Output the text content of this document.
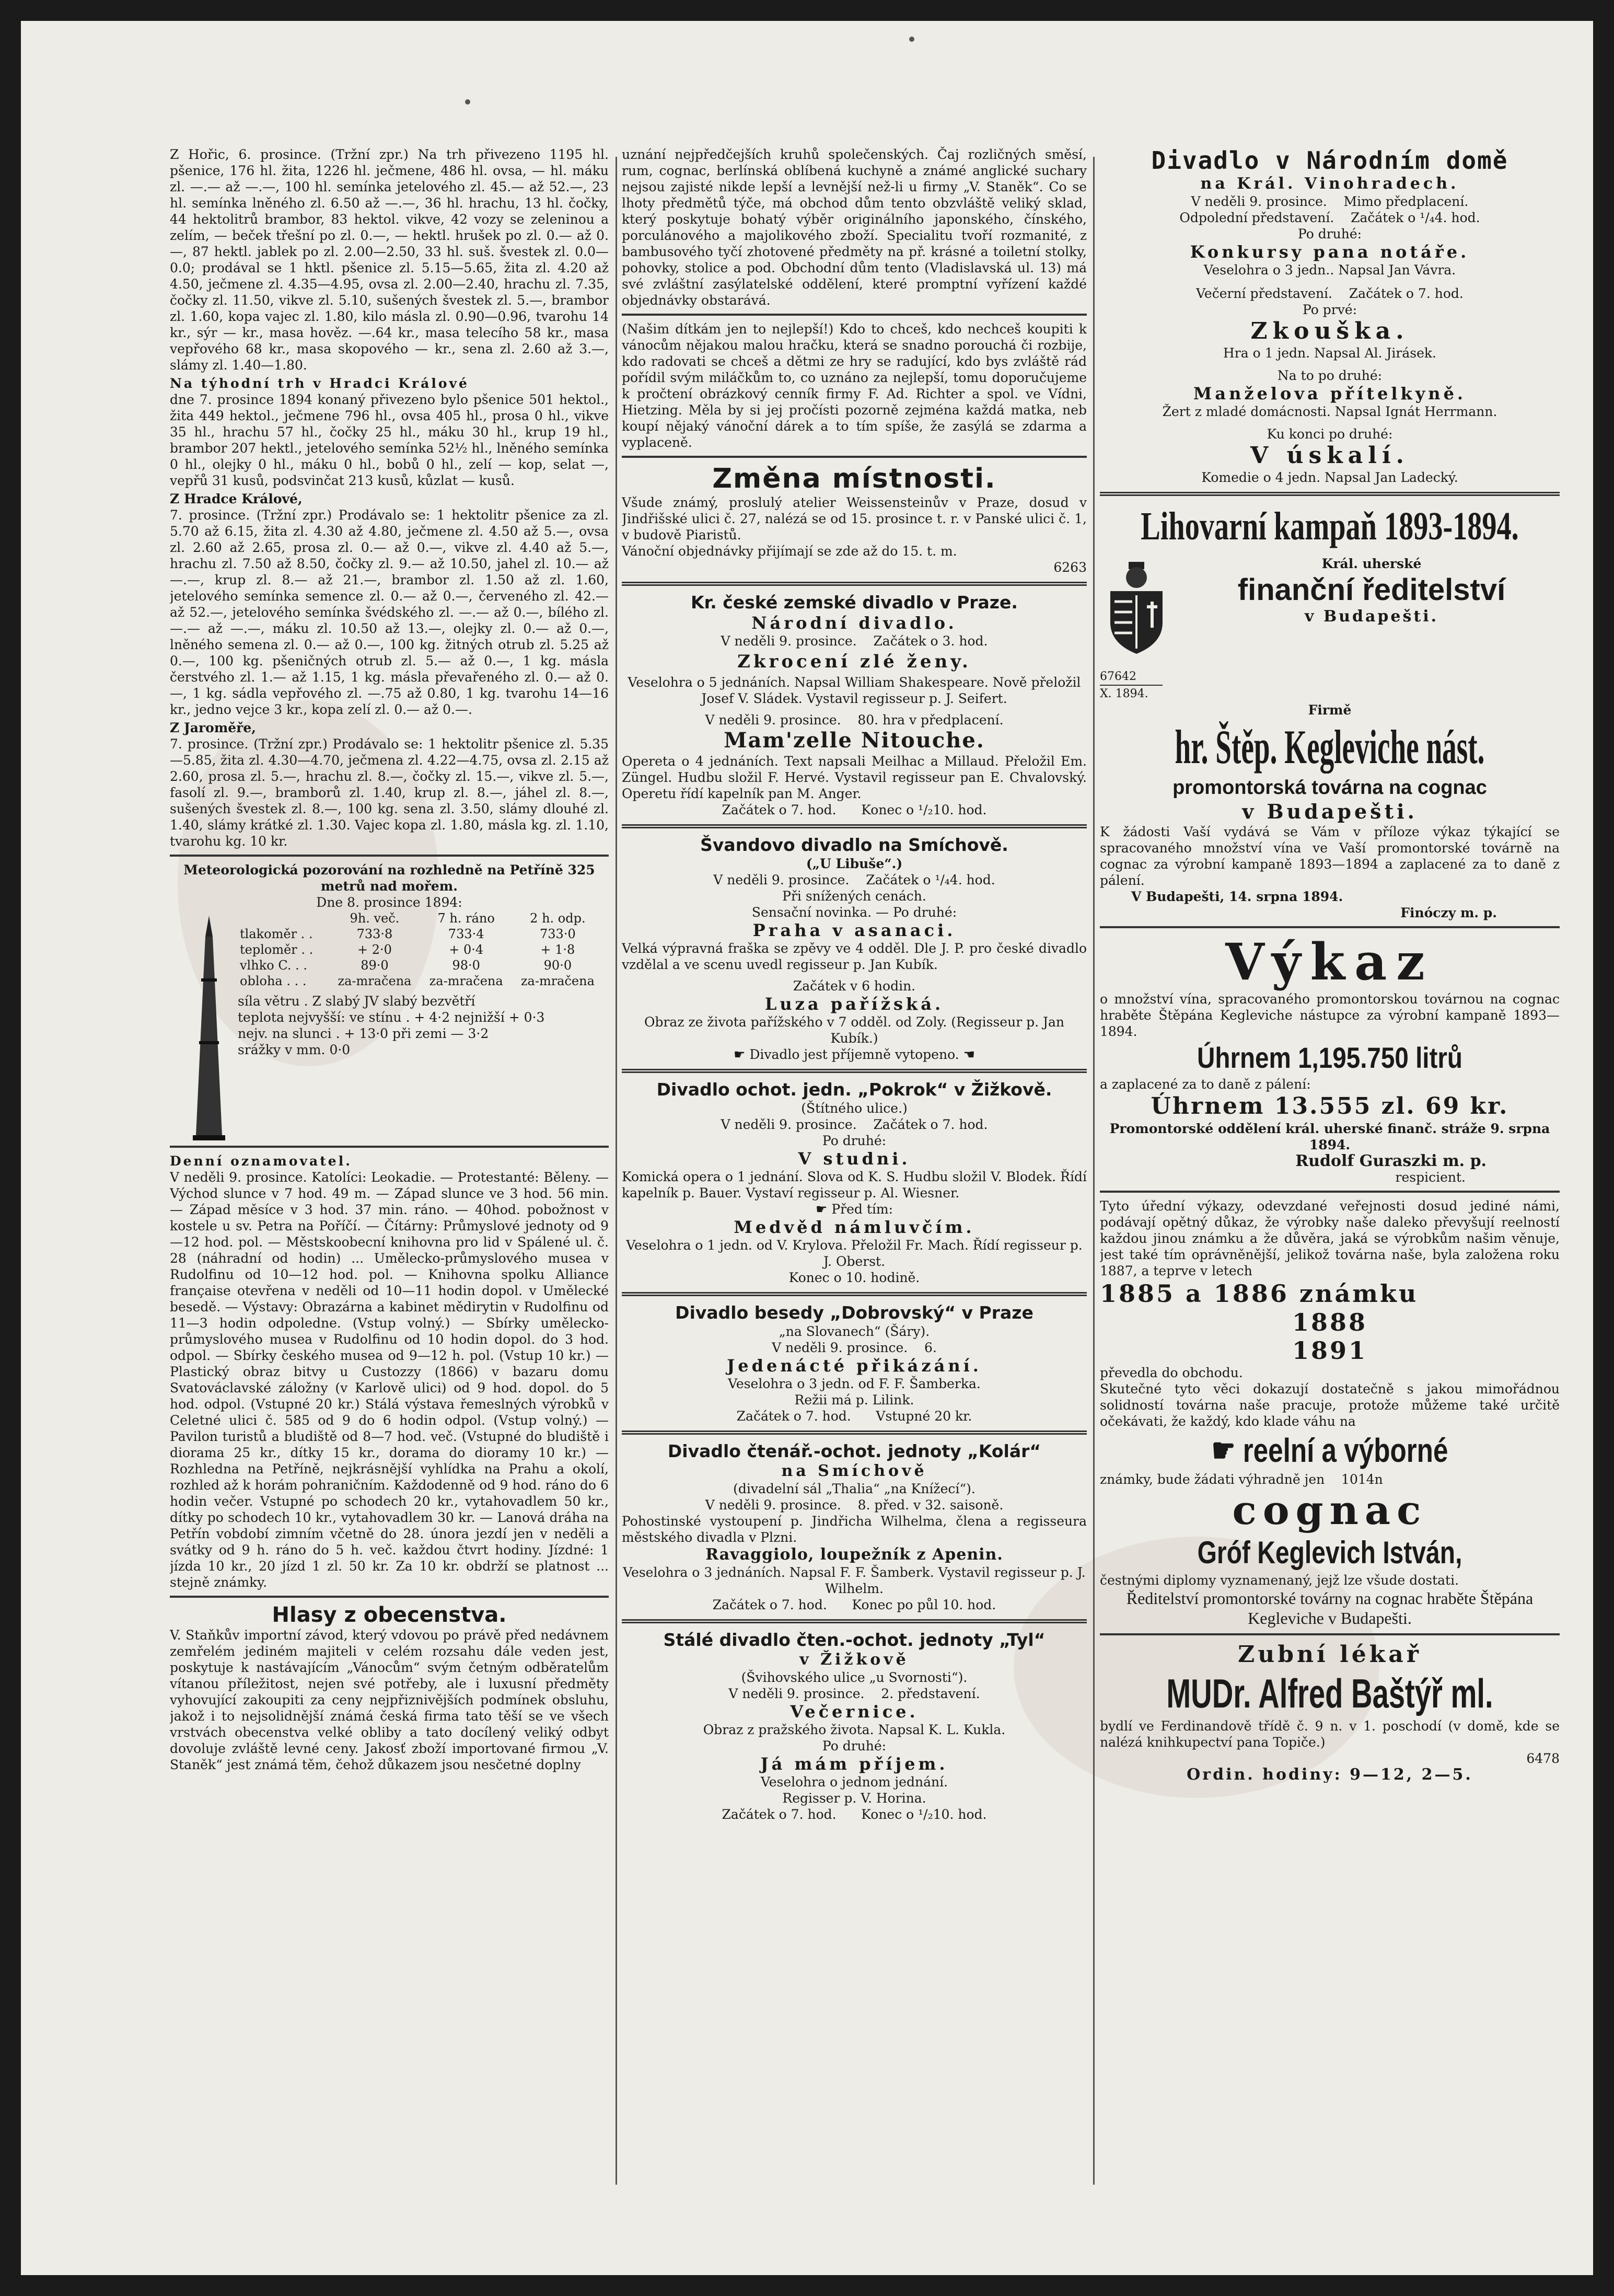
Z Hořic, 6. prosince. (Tržní zpr.) Na trh přivezeno 1195 hl. pšenice, 176 hl. žita, 1226 hl. ječmene, 486 hl. ovsa, — hl. máku zl. —.— až —.—, 100 hl. semínka jetelového zl. 45.— až 52.—, 23 hl. semínka lněného zl. 6.50 až —.—, 36 hl. hrachu, 13 hl. čočky, 44 hektolitrů brambor, 83 hektol. vikve, 42 vozy se zeleninou a zelím, — beček třešní po zl. 0.—, — hektl. hrušek po zl. 0.— až 0.—, 87 hektl. jablek po zl. 2.00—2.50, 33 hl. suš. švestek zl. 0.0—0.0; prodával se 1 hktl. pšenice zl. 5.15—5.65, žita zl. 4.20 až 4.50, ječmene zl. 4.35—4.95, ovsa zl. 2.00—2.40, hrachu zl. 7.35, čočky zl. 11.50, vikve zl. 5.10, sušených švestek zl. 5.—, brambor zl. 1.60, kopa vajec zl. 1.80, kilo másla zl. 0.90—0.96, tvarohu 14 kr., sýr — kr., masa hověz. —.64 kr., masa telecího 58 kr., masa vepřového 68 kr., masa skopového — kr., sena zl. 2.60 až 3.—, slámy zl. 1.40—1.80.

Na týhodní trh v Hradci Králové

dne 7. prosince 1894 konaný přivezeno bylo pšenice 501 hektol., žita 449 hektol., ječmene 796 hl., ovsa 405 hl., prosa 0 hl., vikve 35 hl., hrachu 57 hl., čočky 25 hl., máku 30 hl., krup 19 hl., brambor 207 hektl., jetelového semínka 52½ hl., lněného semínka 0 hl., olejky 0 hl., máku 0 hl., bobů 0 hl., zelí — kop, selat —, vepřů 31 kusů, podsvinčat 213 kusů, kůzlat — kusů.

Z Hradce Králové,

7. prosince. (Tržní zpr.) Prodávalo se: 1 hektolitr pšenice za zl. 5.70 až 6.15, žita zl. 4.30 až 4.80, ječmene zl. 4.50 až 5.—, ovsa zl. 2.60 až 2.65, prosa zl. 0.— až 0.—, vikve zl. 4.40 až 5.—, hrachu zl. 7.50 až 8.50, čočky zl. 9.— až 10.50, jahel zl. 10.— až —.—, krup zl. 8.— až 21.—, brambor zl. 1.50 až zl. 1.60, jetelového semínka semence zl. 0.— až 0.—, červeného zl. 42.— až 52.—, jetelového semínka švédského zl. —.— až 0.—, bílého zl. —.— až —.—, máku zl. 10.50 až 13.—, olejky zl. 0.— až 0.—, lněného semena zl. 0.— až 0.—, 100 kg. žitných otrub zl. 5.25 až 0.—, 100 kg. pšeničných otrub zl. 5.— až 0.—, 1 kg. másla čerstvého zl. 1.— až 1.15, 1 kg. másla převařeného zl. 0.— až 0.—, 1 kg. sádla vepřového zl. —.75 až 0.80, 1 kg. tvarohu 14—16 kr., jedno vejce 3 kr., kopa zelí zl. 0.— až 0.—.

Z Jaroměře,

7. prosince. (Tržní zpr.) Prodávalo se: 1 hektolitr pšenice zl. 5.35—5.85, žita zl. 4.30—4.70, ječmena zl. 4.22—4.75, ovsa zl. 2.15 až 2.60, prosa zl. 5.—, hrachu zl. 8.—, čočky zl. 15.—, vikve zl. 5.—, fasolí zl. 9.—, bramborů zl. 1.40, krup zl. 8.—, jáhel zl. 8.—, sušených švestek zl. 8.—, 100 kg. sena zl. 3.50, slámy dlouhé zl. 1.40, slámy krátké zl. 1.30. Vajec kopa zl. 1.80, másla kg. zl. 1.10, tvarohu kg. 10 kr.

Meteorologická pozorování na rozhledně na Petříně 325 metrů nad mořem.

Dne 8. prosince 1894:

	9h. več.	7 h. ráno	2 h. odp.
tlakoměr . .	733·8	733·4	733·0
teploměr . .	+ 2·0	+ 0·4	+ 1·8
vlhko C. . .	89·0	98·0	90·0
obloha . . .	za-mračena	za-mračena	za-mračena

síla větru . Z slabý JV slabý bezvětří

teplota nejvyšší: ve stínu . + 4·2 nejnižší + 0·3

nejv. na slunci . + 13·0 při zemi — 3·2

srážky v mm. 0·0

Denní oznamovatel.

V neděli 9. prosince. Katolíci: Leokadie. — Protestanté: Běleny. — Východ slunce v 7 hod. 49 m. — Západ slunce ve 3 hod. 56 min. — Západ měsíce v 3 hod. 37 min. ráno. — 40hod. pobožnost v kostele u sv. Petra na Poříčí. — Čítárny: Průmyslové jednoty od 9—12 hod. pol. — Městskoobecní knihovna pro lid v Spálené ul. č. 28 (náhradní od hodin) ... Umělecko-průmyslového musea v Rudolfinu od 10—12 hod. pol. — Knihovna spolku Alliance française otevřena v neděli od 10—11 hodin dopol. v Umělecké besedě. — Výstavy: Obrazárna a kabinet mědirytin v Rudolfinu od 11—3 hodin odpoledne. (Vstup volný.) — Sbírky umělecko-průmyslového musea v Rudolfinu od 10 hodin dopol. do 3 hod. odpol. — Sbírky českého musea od 9—12 h. pol. (Vstup 10 kr.) — Plastický obraz bitvy u Custozzy (1866) v bazaru domu Svatováclavské záložny (v Karlově ulici) od 9 hod. dopol. do 5 hod. odpol. (Vstupné 20 kr.) Stálá výstava řemeslných výrobků v Celetné ulici č. 585 od 9 do 6 hodin odpol. (Vstup volný.) — Pavilon turistů a bludiště od 8—7 hod. več. (Vstupné do bludiště i diorama 25 kr., dítky 15 kr., dorama do dioramy 10 kr.) — Rozhledna na Petříně, nejkrásnější vyhlídka na Prahu a okolí, rozhled až k horám pohraničním. Každodenně od 9 hod. ráno do 6 hodin večer. Vstupné po schodech 20 kr., vytahovadlem 50 kr., dítky po schodech 10 kr., vytahovadlem 30 kr. — Lanová dráha na Petřín vobdobí zimním včetně do 28. února jezdí jen v neděli a svátky od 9 h. ráno do 5 h. več. každou čtvrt hodiny. Jízdné: 1 jízda 10 kr., 20 jízd 1 zl. 50 kr. Za 10 kr. obdrží se platnost ... stejně známky.

Hlasy z obecenstva.

V. Staňkův importní závod, který vdovou po právě před nedávnem zemřelém jediném majiteli v celém rozsahu dále veden jest, poskytuje k nastávajícím „Vánocům“ svým četným odběratelům vítanou příležitost, nejen své potřeby, ale i luxusní předměty vyhovující zakoupiti za ceny nejpřiznivějších podmínek obsluhu, jakož i to nejsolidnější známá česká firma tato těší se ve všech vrstvách obecenstva velké obliby a tato docílený veliký odbyt dovoluje zvláště levné ceny. Jakosť zboží importované firmou „V. Staněk“ jest známá těm, čehož důkazem jsou nesčetné doplny

uznání nejpředčejších kruhů společenských. Čaj rozličných směsí, rum, cognac, berlínská oblíbená kuchyně a známé anglické suchary nejsou zajisté nikde lepší a levnější než-li u firmy „V. Staněk“. Co se lhoty předmětů týče, má obchod dům tento obzvláště veliký sklad, který poskytuje bohatý výběr originálního japonského, čínského, porculánového a majolikového zboží. Specialitu tvoří rozmanité, z bambusového tyčí zhotovené předměty na př. krásné a toiletní stolky, pohovky, stolice a pod. Obchodní dům tento (Vladislavská ul. 13) má své zvláštní zasýlatelské oddělení, které promptní vyřízení každé objednávky obstarává.

(Našim dítkám jen to nejlepší!) Kdo to chceš, kdo nechceš koupiti k vánocům nějakou malou hračku, která se snadno porouchá či rozbije, kdo radovati se chceš a dětmi ze hry se radující, kdo bys zvláště rád pořídil svým miláčkům to, co uznáno za nejlepší, tomu doporučujeme k pročtení obrázkový cenník firmy F. Ad. Richter a spol. ve Vídni, Hietzing. Měla by si jej pročísti pozorně zejména každá matka, neb koupí nějaký vánoční dárek a to tím spíše, že zasýlá se zdarma a vyplaceně.

Změna místnosti.

Všude známý, proslulý atelier Weissensteinův v Praze, dosud v Jindřišské ulici č. 27, nalézá se od 15. prosince t. r. v Panské ulici č. 1, v budově Piaristů.

Vánoční objednávky přijímají se zde až do 15. t. m.

6263

Kr. české zemské divadlo v Praze.

Národní divadlo.

V neděli 9. prosince. Začátek o 3. hod.

Zkrocení zlé ženy.

Veselohra o 5 jednáních. Napsal William Shakespeare. Nově přeložil Josef V. Sládek. Vystavil regisseur p. J. Seifert.

V neděli 9. prosince. 80. hra v předplacení.

Mam'zelle Nitouche.

Opereta o 4 jednáních. Text napsali Meilhac a Millaud. Přeložil Em. Züngel. Hudbu složil F. Hervé. Vystavil regisseur pan E. Chvalovský. Operetu řídí kapelník pan M. Anger.

Začátek o 7. hod. Konec o ¹/₂10. hod.

Švandovo divadlo na Smíchově.

(„U Libuše“.)

V neděli 9. prosince. Začátek o ¹/₄4. hod.

Při snížených cenách.

Sensační novinka. — Po druhé:

Praha v asanaci.

Velká výpravná fraška se zpěvy ve 4 odděl. Dle J. P. pro české divadlo vzdělal a ve scenu uvedl regisseur p. Jan Kubík.

Začátek v 6 hodin.

Luza pařížská.

Obraz ze života pařížského v 7 odděl. od Zoly. (Regisseur p. Jan Kubík.)

☛ Divadlo jest příjemně vytopeno. ☚

Divadlo ochot. jedn. „Pokrok“ v Žižkově.

(Štítného ulice.)

V neděli 9. prosince. Začátek o 7. hod.

Po druhé:

V studni.

Komická opera o 1 jednání. Slova od K. S. Hudbu složil V. Blodek. Řídí kapelník p. Bauer. Vystaví regisseur p. Al. Wiesner.

☛ Před tím:

Medvěd námluvčím.

Veselohra o 1 jedn. od V. Krylova. Přeložil Fr. Mach. Řídí regisseur p. J. Oberst.

Konec o 10. hodině.

Divadlo besedy „Dobrovský“ v Praze

„na Slovanech“ (Šáry).

V neděli 9. prosince. 6.

Jedenácté přikázání.

Veselohra o 3 jedn. od F. F. Šamberka.

Režii má p. Lilink.

Začátek o 7. hod. Vstupné 20 kr.

Divadlo čtenář.-ochot. jednoty „Kolár“

na Smíchově

(divadelní sál „Thalia“ „na Knížecí“).

V neděli 9. prosince. 8. před. v 32. saisoně.

Pohostinské vystoupení p. Jindřicha Wilhelma, člena a regisseura městského divadla v Plzni.

Ravaggiolo, loupežník z Apenin.

Veselohra o 3 jednáních. Napsal F. F. Šamberk. Vystavil regisseur p. J. Wilhelm.

Začátek o 7. hod. Konec po půl 10. hod.

Stálé divadlo čten.-ochot. jednoty „Tyl“

v Žižkově

(Švihovského ulice „u Svornosti“).

V neděli 9. prosince. 2. představení.

Večernice.

Obraz z pražského života. Napsal K. L. Kukla.

Po druhé:

Já mám příjem.

Veselohra o jednom jednání.

Regisser p. V. Horina.

Začátek o 7. hod. Konec o ¹/₂10. hod.

Divadlo v Národním domě

na Král. Vinohradech.

V neděli 9. prosince. Mimo předplacení.

Odpolední představení. Začátek o ¹/₄4. hod.

Po druhé:

Konkursy pana notáře.

Veselohra o 3 jedn.. Napsal Jan Vávra.

Večerní představení. Začátek o 7. hod.

Po prvé:

Zkouška.

Hra o 1 jedn. Napsal Al. Jirásek.

Na to po druhé:

Manželova přítelkyně.

Žert z mladé domácnosti. Napsal Ignát Herrmann.

Ku konci po druhé:

V úskalí.

Komedie o 4 jedn. Napsal Jan Ladecký.

Lihovarní kampaň 1893-1894.

Král. uherské

finanční ředitelství

v Budapešti.

67642

X. 1894.

Firmě

hr. Štěp. Kegleviche nást.

promontorská továrna na cognac

v Budapešti.

K žádosti Vaší vydává se Vám v příloze výkaz týkající se spracovaného množství vína ve Vaší promontorské továrně na cognac za výrobní kampaně 1893—1894 a zaplacené za to daně z pálení.

V Budapešti, 14. srpna 1894.

Finóczy m. p.

Výkaz

o množství vína, spracovaného promontorskou továrnou na cognac hraběte Štěpána Kegleviche nástupce za výrobní kampaně 1893—1894.

Úhrnem 1,195.750 litrů

a zaplacené za to daně z pálení:

Úhrnem 13.555 zl. 69 kr.

Promontorské oddělení král. uherské finanč. stráže 9. srpna 1894.

Rudolf Guraszki m. p.

respicient.

Tyto úřední výkazy, odevzdané veřejnosti dosud jediné námi, podávají opětný důkaz, že výrobky naše daleko převyšují reelností každou jinou známku a že důvěra, jaká se výrobkům našim věnuje, jest také tím oprávněnější, jelikož továrna naše, byla založena roku 1887, a teprve v letech

1885 a 1886 známku

1888

1891

převedla do obchodu.

Skutečné tyto věci dokazují dostatečně s jakou mimořádnou solidností továrna naše pracuje, protože můžeme také určitě očekávati, že každý, kdo klade váhu na

☛ reelní a výborné

známky, bude žádati výhradně jen 1014n

cognac

Gróf Keglevich István,

čestnými diplomy vyznamenaný, jejž lze všude dostati.

Ředitelství promontorské továrny na cognac hraběte Štěpána Kegleviche v Budapešti.

Zubní lékař

MUDr. Alfred Baštýř ml.

bydlí ve Ferdinandově třídě č. 9 n. v 1. poschodí (v domě, kde se nalézá knihkupectví pana Topiče.)

6478

Ordin. hodiny: 9—12, 2—5.
